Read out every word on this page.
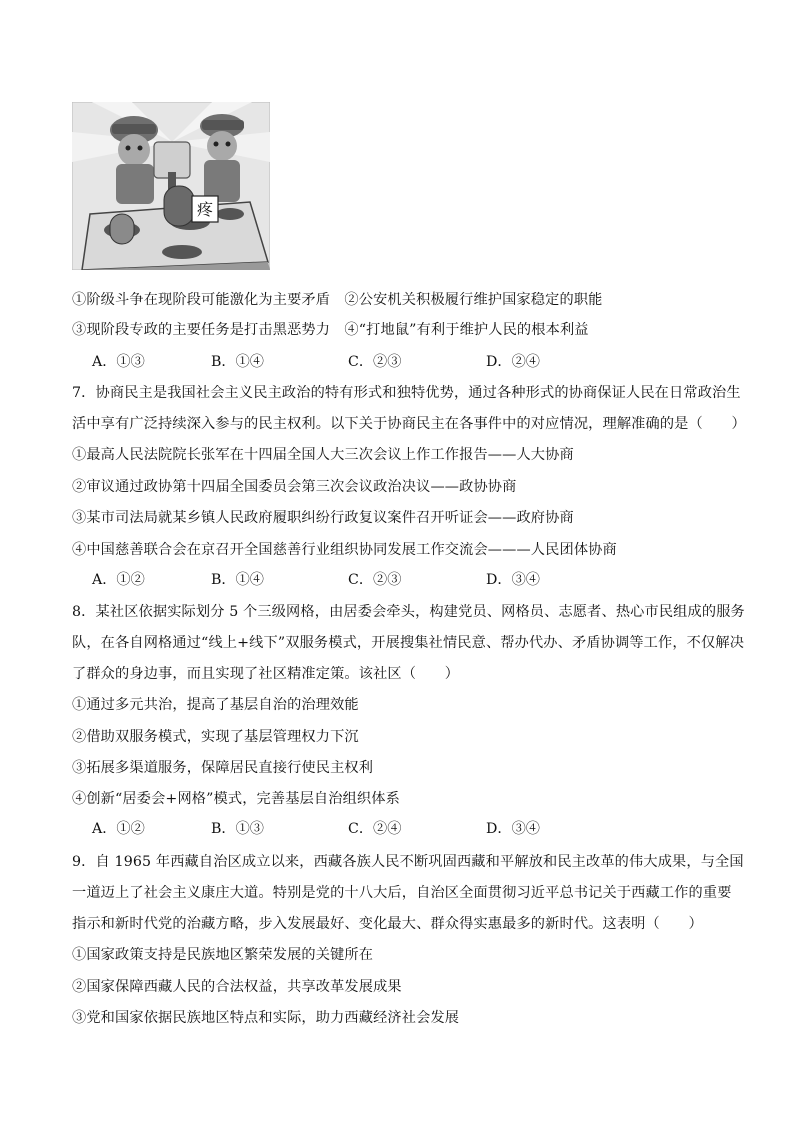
疼
①阶级斗争在现阶段可能激化为主要矛盾　②公安机关积极履行维护国家稳定的职能
③现阶段专政的主要任务是打击黑恶势力　④“打地鼠”有利于维护人民的根本利益
A．①③	B．①④	C．②③	D．②④
7．协商民主是我国社会主义民主政治的特有形式和独特优势，通过各种形式的协商保证人民在日常政治生
活中享有广泛持续深入参与的民主权利。以下关于协商民主在各事件中的对应情况，理解准确的是（　　）
①最高人民法院院长张军在十四届全国人大三次会议上作工作报告——人大协商
②审议通过政协第十四届全国委员会第三次会议政治决议——政协协商
③某市司法局就某乡镇人民政府履职纠纷行政复议案件召开听证会——政府协商
④中国慈善联合会在京召开全国慈善行业组织协同发展工作交流会———人民团体协商
A．①②	B．①④	C．②③	D．③④
8．某社区依据实际划分 5 个三级网格，由居委会牵头，构建党员、网格员、志愿者、热心市民组成的服务
队，在各自网格通过“线上+线下”双服务模式，开展搜集社情民意、帮办代办、矛盾协调等工作，不仅解决
了群众的身边事，而且实现了社区精准定策。该社区（　　）
①通过多元共治，提高了基层自治的治理效能
②借助双服务模式，实现了基层管理权力下沉
③拓展多渠道服务，保障居民直接行使民主权利
④创新“居委会+网格”模式，完善基层自治组织体系
A．①②	B．①③	C．②④	D．③④
9．自 1965 年西藏自治区成立以来，西藏各族人民不断巩固西藏和平解放和民主改革的伟大成果，与全国
一道迈上了社会主义康庄大道。特别是党的十八大后，自治区全面贯彻习近平总书记关于西藏工作的重要
指示和新时代党的治藏方略，步入发展最好、变化最大、群众得实惠最多的新时代。这表明（　　）
①国家政策支持是民族地区繁荣发展的关键所在
②国家保障西藏人民的合法权益，共享改革发展成果
③党和国家依据民族地区特点和实际，助力西藏经济社会发展
